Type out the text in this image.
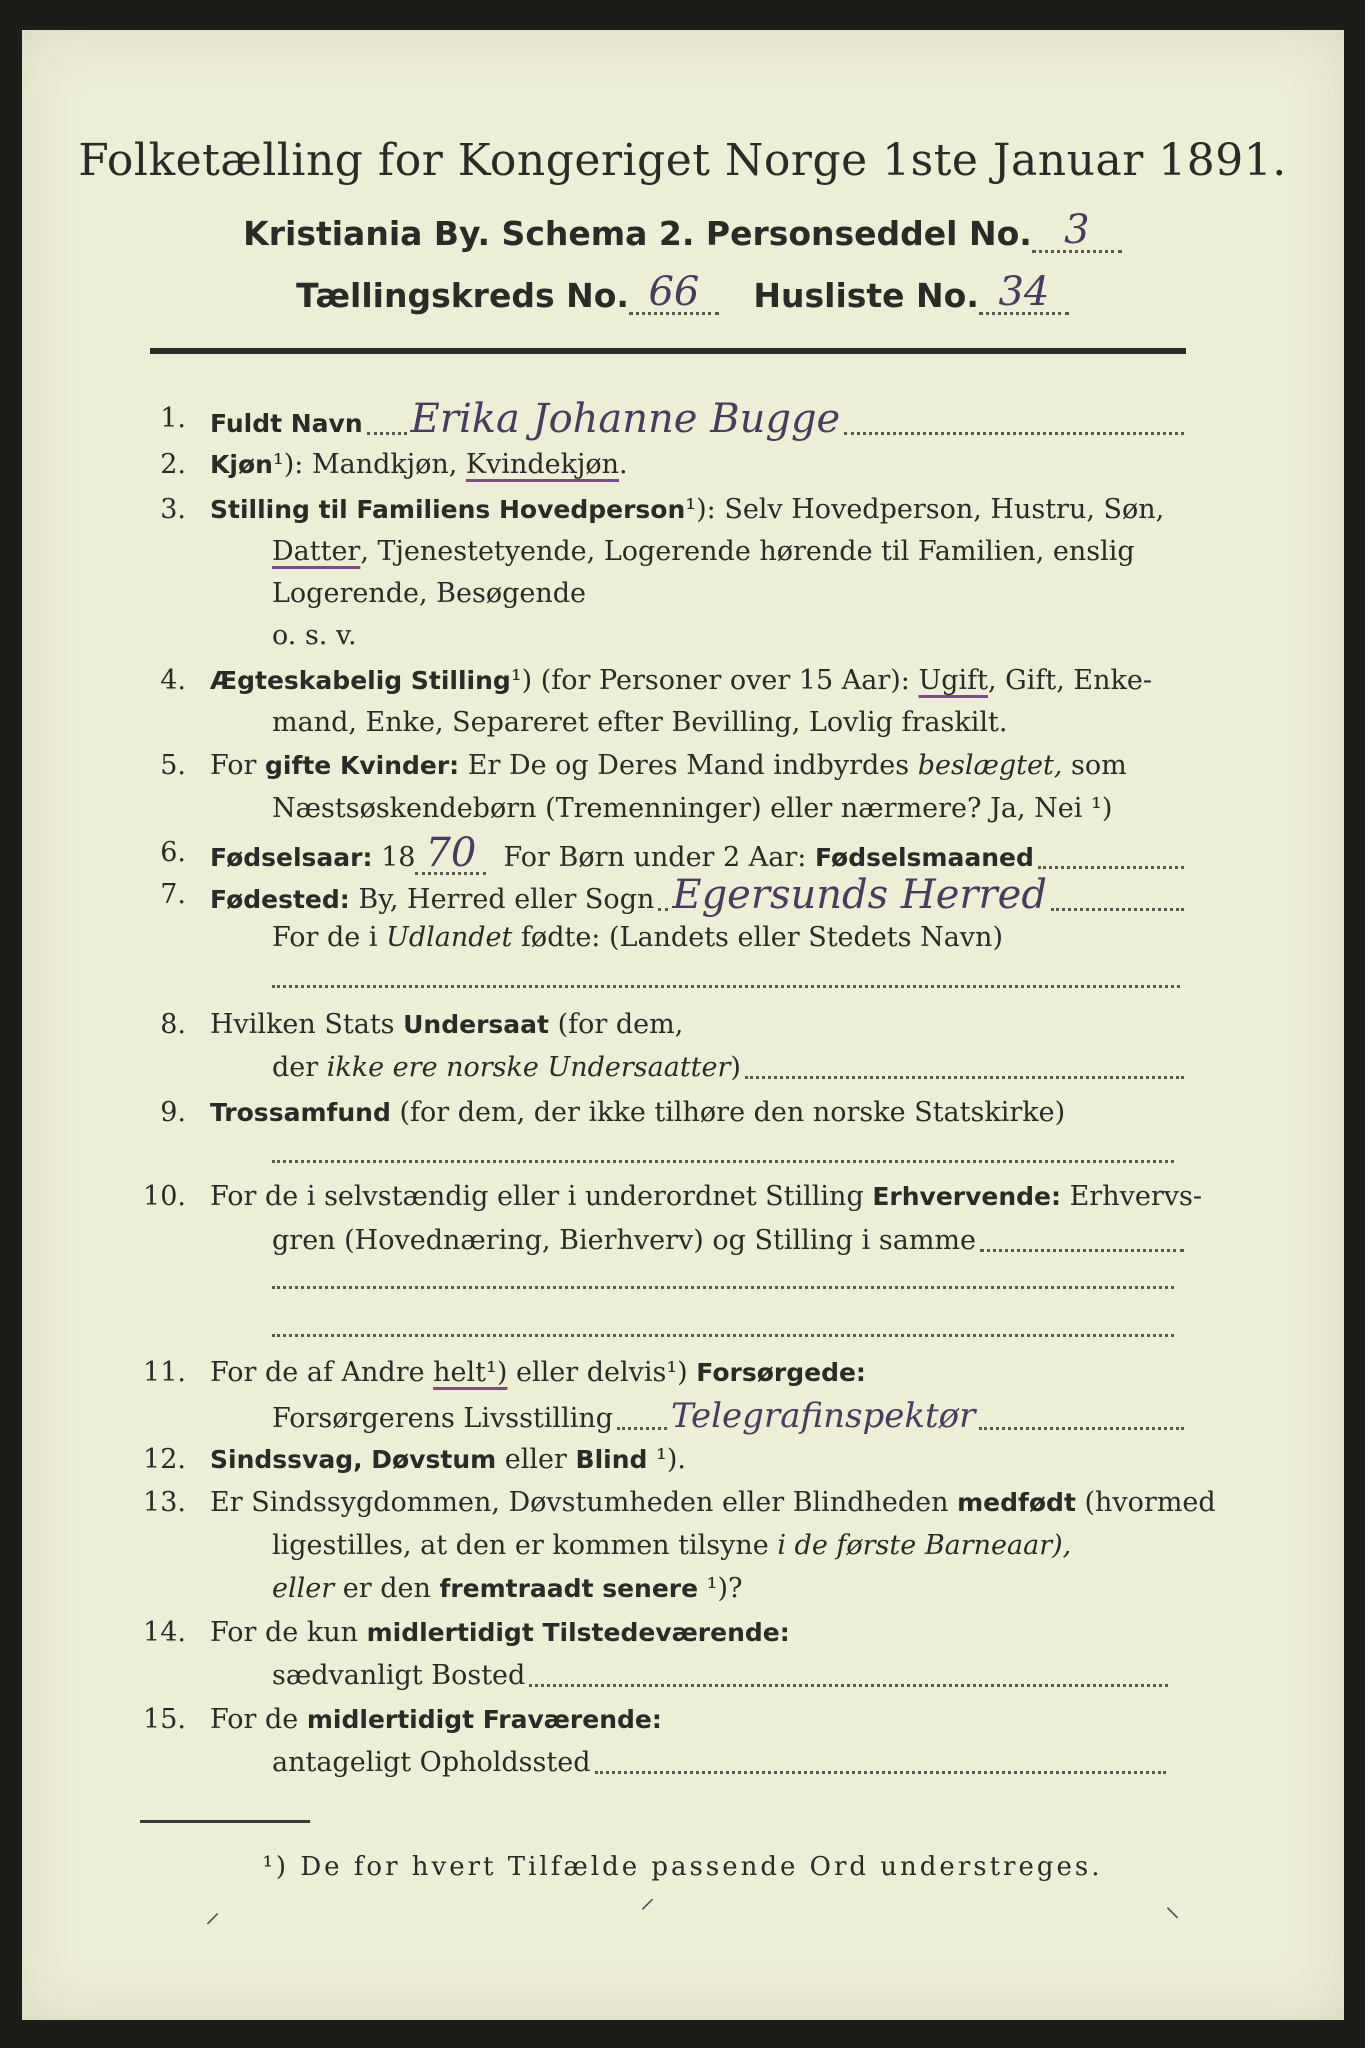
Folketælling for Kongeriget Norge 1ste Januar 1891.
Kristiania By. Schema 2. Personseddel No. 3
Tællingskreds No. 66 Husliste No. 34
1. Fuldt Navn Erika Johanne Bugge
2. Kjøn ¹) : Mandkjøn, Kvindekjøn .
3. Stilling til Familiens Hovedperson ¹) : Selv Hovedperson, Hustru, Søn,
Datter , Tjenestetyende, Logerende hørende til Familien, enslig
Logerende, Besøgende
o. s. v.
4. Ægteskabelig Stilling ¹) (for Personer over 15 Aar): Ugift , Gift, Enke-
mand, Enke, Separeret efter Bevilling, Lovlig fraskilt.
5. For gifte Kvinder: Er De og Deres Mand indbyrdes beslægtet, som
Næstsøskendebørn (Tremenninger) eller nærmere? Ja, Nei ¹)
6. Fødselsaar: 18 70 For Børn under 2 Aar: Fødselsmaaned
7. Fødested: By, Herred eller Sogn Egersunds Herred
For de i Udlandet fødte: (Landets eller Stedets Navn)
8. Hvilken Stats Undersaat (for dem,
der ikke ere norske Undersaatter )
9. Trossamfund (for dem, der ikke tilhøre den norske Statskirke)
10. For de i selvstændig eller i underordnet Stilling Erhvervende: Erhvervs-
gren (Hovednæring, Bierhverv) og Stilling i samme
11. For de af Andre helt¹) eller delvis¹) Forsørgede:
Forsørgerens Livsstilling Telegrafinspektør
12. Sindssvag, Døvstum eller Blind ¹).
13. Er Sindssygdommen, Døvstumheden eller Blindheden medfødt (hvormed
ligestilles, at den er kommen tilsyne i de første Barneaar),
eller er den fremtraadt senere ¹)?
14. For de kun midlertidigt Tilstedeværende:
sædvanligt Bosted
15. For de midlertidigt Fraværende:
antageligt Opholdssted
¹) De for hvert Tilfælde passende Ord understreges.
⸝	⸍	⸜
